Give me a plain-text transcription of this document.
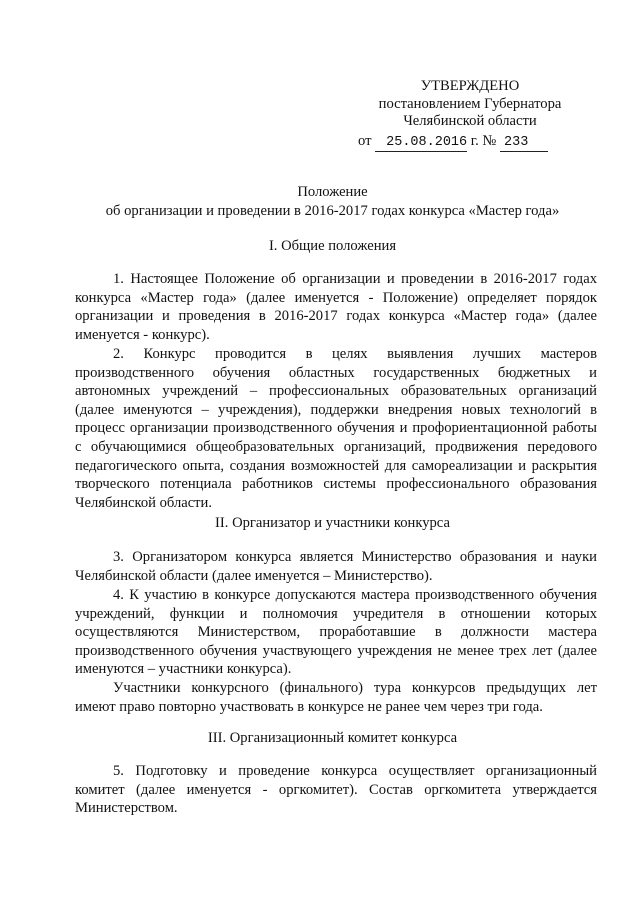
УТВЕРЖДЕНО
постановлением Губернатора
Челябинской области
от 25.08.2016 г. № 233
Положение
об организации и проведении в 2016-2017 годах конкурса «Мастер года»
I. Общие положения
1. Настоящее Положение об организации и проведении в 2016-2017 годах конкурса «Мастер года» (далее именуется - Положение) определяет порядок организации и проведения в 2016-2017 годах конкурса «Мастер года» (далее именуется - конкурс).
2. Конкурс проводится в целях выявления лучших мастеров производственного обучения областных государственных бюджетных и автономных учреждений – профессиональных образовательных организаций (далее именуются – учреждения), поддержки внедрения новых технологий в процесс организации производственного обучения и профориентационной работы с обучающимися общеобразовательных организаций, продвижения передового педагогического опыта, создания возможностей для самореализации и раскрытия творческого потенциала работников системы профессионального образования Челябинской области.
II. Организатор и участники конкурса
3. Организатором конкурса является Министерство образования и науки Челябинской области (далее именуется – Министерство).
4. К участию в конкурсе допускаются мастера производственного обучения учреждений, функции и полномочия учредителя в отношении которых осуществляются Министерством, проработавшие в должности мастера производственного обучения участвующего учреждения не менее трех лет (далее именуются – участники конкурса).
Участники конкурсного (финального) тура конкурсов предыдущих лет имеют право повторно участвовать в конкурсе не ранее чем через три года.
III. Организационный комитет конкурса
5. Подготовку и проведение конкурса осуществляет организационный комитет (далее именуется - оргкомитет). Состав оргкомитета утверждается Министерством.
